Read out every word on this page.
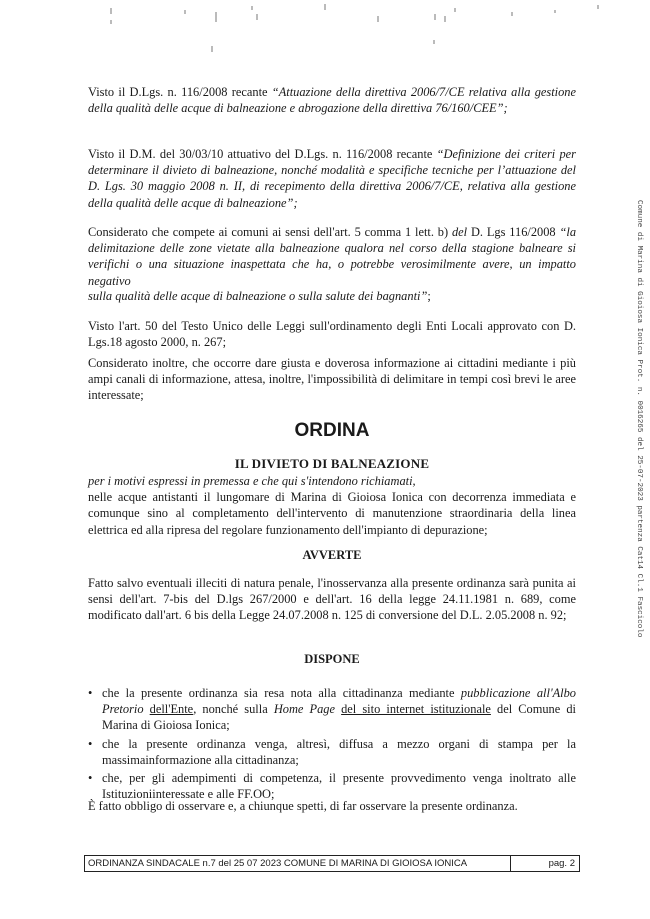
Visto il D.Lgs. n. 116/2008 recante “Attuazione della direttiva 2006/7/CE relativa alla gestione della qualità delle acque di balneazione e abrogazione della direttiva 76/160/CEE”;

Visto il D.M. del 30/03/10 attuativo del D.Lgs. n. 116/2008 recante “Definizione dei criteri per determinare il divieto di balneazione, nonché modalità e specifiche tecniche per l’attuazione del D. Lgs. 30 maggio 2008 n. II, di recepimento della direttiva 2006/7/CE, relativa alla gestione della qualità delle acque di balneazione”;

Considerato che compete ai comuni ai sensi dell'art. 5 comma 1 lett. b) del D. Lgs 116/2008 “la delimitazione delle zone vietate alla balneazione qualora nel corso della stagione balneare si verifichi o una situazione inaspettata che ha, o potrebbe verosimilmente avere, un impatto negativo

sulla qualità delle acque di balneazione o sulla salute dei bagnanti”;

Visto l'art. 50 del Testo Unico delle Leggi sull'ordinamento degli Enti Locali approvato con D. Lgs.18 agosto 2000, n. 267;

Considerato inoltre, che occorre dare giusta e doverosa informazione ai cittadini mediante i più ampi canali di informazione, attesa, inoltre, l'impossibilità di delimitare in tempi così brevi le aree interessate;

ORDINA
IL DIVIETO DI BALNEAZIONE

per i motivi espressi in premessa e che qui s'intendono richiamati,
nelle acque antistanti il lungomare di Marina di Gioiosa Ionica con decorrenza immediata e comunque sino al completamento dell'intervento di manutenzione straordinaria della linea elettrica ed alla ripresa del regolare funzionamento dell'impianto di depurazione;

AVVERTE

Fatto salvo eventuali illeciti di natura penale, l'inosservanza alla presente ordinanza sarà punita ai sensi dell'art. 7-bis del D.lgs 267/2000 e dell'art. 16 della legge 24.11.1981 n. 689, come modificato dall'art. 6 bis della Legge 24.07.2008 n. 125 di conversione del D.L. 2.05.2008 n. 92;

DISPONE
• che la presente ordinanza sia resa nota alla cittadinanza mediante pubblicazione all'Albo Pretorio dell'Ente, nonché sulla Home Page del sito internet istituzionale del Comune di Marina di Gioiosa Ionica;
• che la presente ordinanza venga, altresì, diffusa a mezzo organi di stampa per la massimainformazione alla cittadinanza;
• che, per gli adempimenti di competenza, il presente provvedimento venga inoltrato alle Istituzioniinteressate e alle FF.OO;

È fatto obbligo di osservare e, a chiunque spetti, di far osservare la presente ordinanza.

ORDINANZA SINDACALE n.7 del 25 07 2023 COMUNE DI MARINA DI GIOIOSA IONICA	pag. 2
Comune di Marina di Gioiosa Ionica Prot. n. 0016265 del 25-07-2023 partenza Cat14 Cl.1 Fascicolo
